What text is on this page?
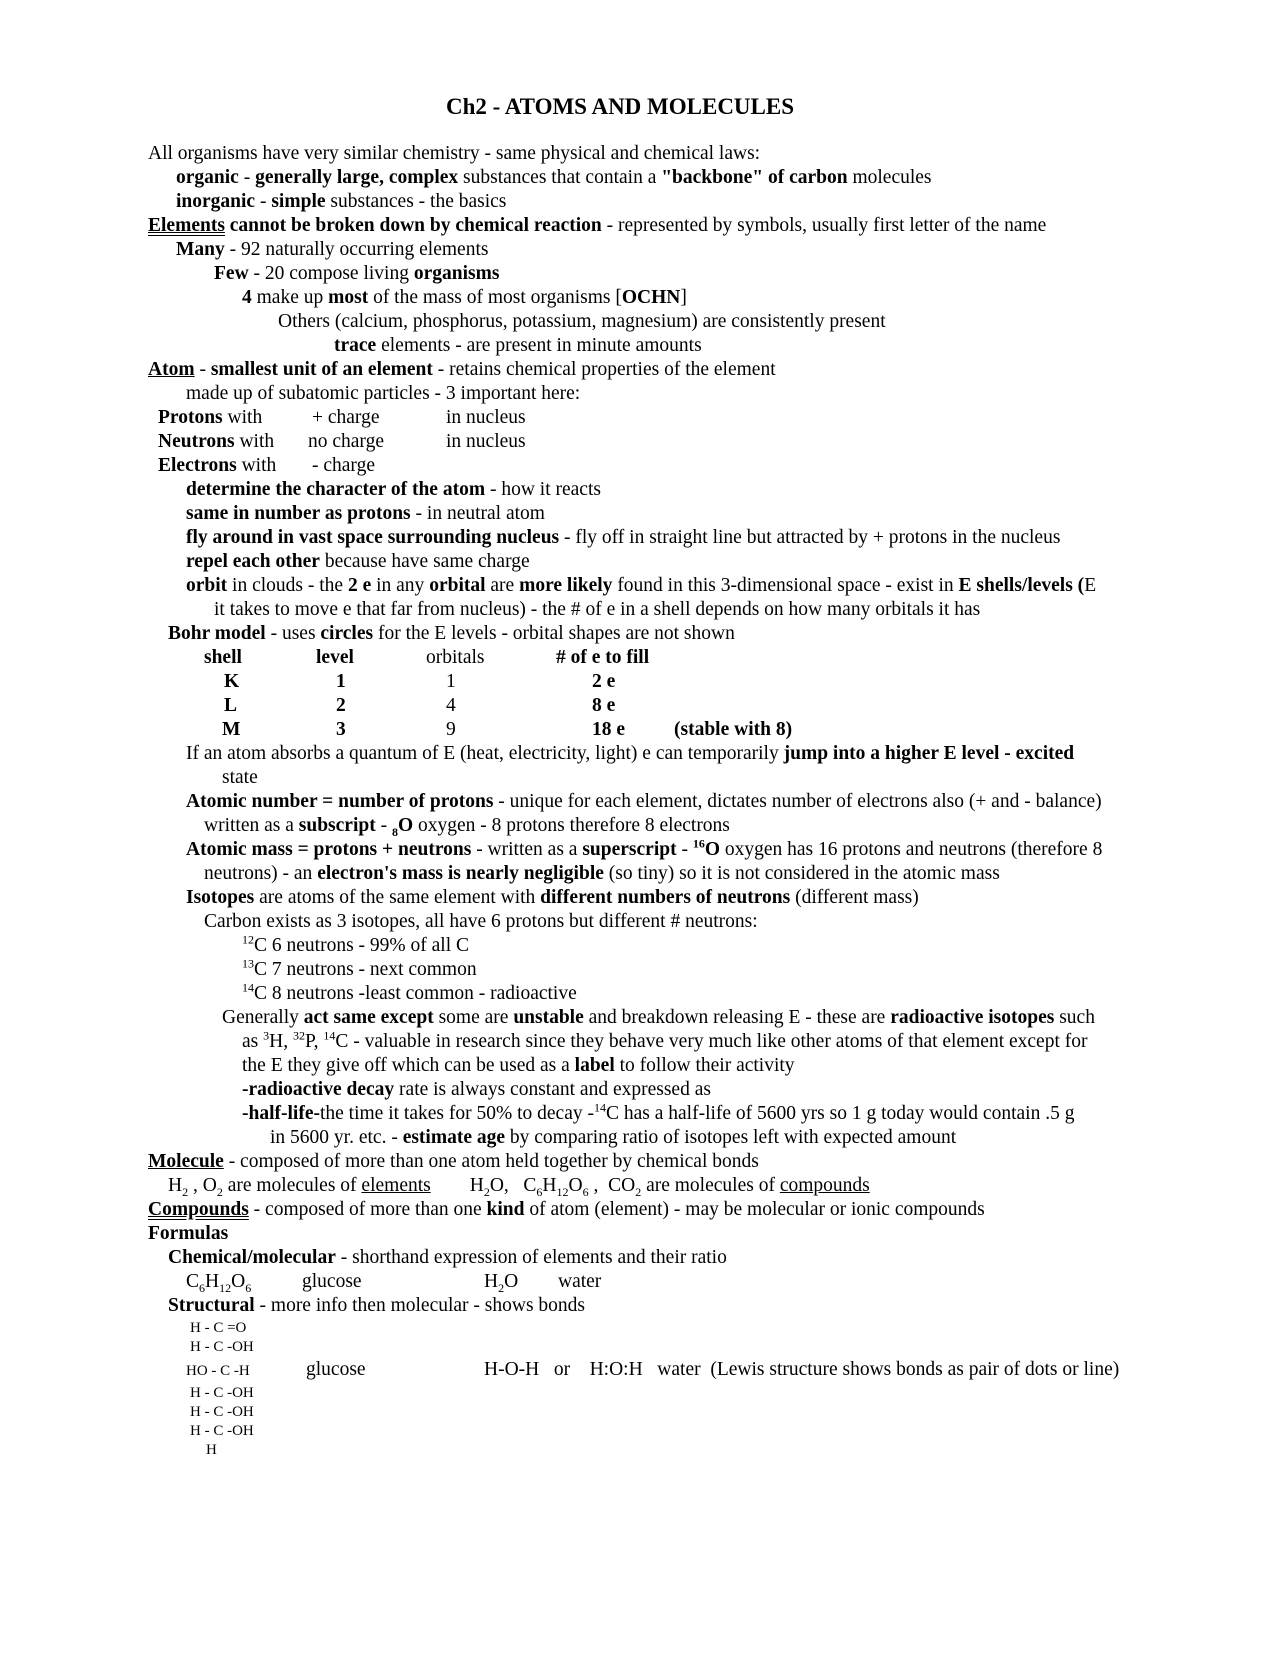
Ch2 - ATOMS AND MOLECULES
All organisms have very similar chemistry - same physical and chemical laws:
organic - generally large, complex substances that contain a "backbone" of carbon molecules
inorganic - simple substances - the basics
Elements cannot be broken down by chemical reaction - represented by symbols, usually first letter of the name
Many - 92 naturally occurring elements
Few - 20 compose living organisms
4 make up most of the mass of most organisms [OCHN]
Others (calcium, phosphorus, potassium, magnesium) are consistently present
trace elements - are present in minute amounts
Atom - smallest unit of an element - retains chemical properties of the element
made up of subatomic particles - 3 important here:
Protons with	+ charge	in nucleus
Neutrons with no charge	in nucleus
Electrons with - charge
determine the character of the atom - how it reacts
same in number as protons - in neutral atom
fly around in vast space surrounding nucleus - fly off in straight line but attracted by + protons in the nucleus
repel each other because have same charge
orbit in clouds - the 2 e in any orbital are more likely found in this 3-dimensional space - exist in E shells/levels (E
it takes to move e that far from nucleus) - the # of e in a shell depends on how many orbitals it has
Bohr model - uses circles for the E levels - orbital shapes are not shown
shell	level	orbitals	# of e to fill
K	1	1	2 e
L	2	4	8 e
M	3	9	18 e	(stable with 8)
If an atom absorbs a quantum of E (heat, electricity, light) e can temporarily jump into a higher E level - excited
state
Atomic number = number of protons - unique for each element, dictates number of electrons also (+ and - balance)
written as a subscript - $_8$O oxygen - 8 protons therefore 8 electrons
Atomic mass = protons + neutrons - written as a superscript - $^{16}$O oxygen has 16 protons and neutrons (therefore 8
neutrons) - an electron's mass is nearly negligible (so tiny) so it is not considered in the atomic mass
Isotopes are atoms of the same element with different numbers of neutrons (different mass)
Carbon exists as 3 isotopes, all have 6 protons but different # neutrons:
$^{12}$C 6 neutrons - 99% of all C
$^{13}$C 7 neutrons - next common
$^{14}$C 8 neutrons -least common - radioactive
Generally act same except some are unstable and breakdown releasing E - these are radioactive isotopes such
as $^3$H, $^{32}$P, $^{14}$C - valuable in research since they behave very much like other atoms of that element except for
the E they give off which can be used as a label to follow their activity
-radioactive decay rate is always constant and expressed as
-half-life-the time it takes for 50% to decay -$^{14}$C has a half-life of 5600 yrs so 1 g today would contain .5 g
in 5600 yr. etc. - estimate age by comparing ratio of isotopes left with expected amount
Molecule - composed of more than one atom held together by chemical bonds
$H_2$ , $O_2$ are molecules of elements        $H_2O$,   $C_6H_{12}O_6$ ,  $CO_2$ are molecules of compounds
Compounds - composed of more than one kind of atom (element) - may be molecular or ionic compounds
Formulas
Chemical/molecular - shorthand expression of elements and their ratio
$C_6H_{12}O_6$	glucose	$H_2O$ water
Structural - more info then molecular - shows bonds
H - C =O
H - C -OH
HO - C -H
H - C -OH
H - C -OH
H - C -OH
H
glucose	H-O-H   or    H:O:H   water  (Lewis structure shows bonds as pair of dots or line)
